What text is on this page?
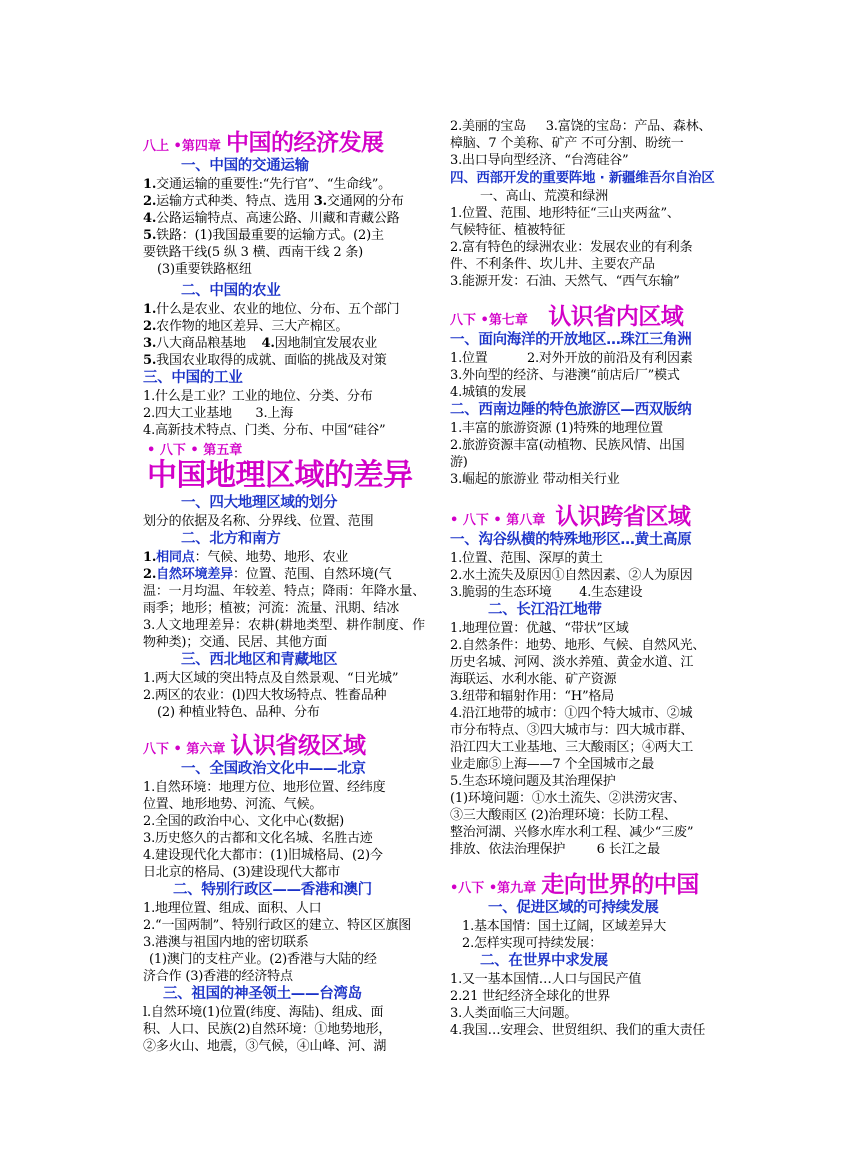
八上 •第四章 中国的经济发展
一、中国的交通运输
1.交通运输的重要性:“先行官”、“生命线”。
2.运输方式种类、特点、选用 3.交通网的分布
4.公路运输特点、高速公路、川藏和青藏公路
5.铁路：(1)我国最重要的运输方式。(2)主
要铁路干线(5 纵 3 横、西南干线 2 条)
(3)重要铁路枢纽
二、中国的农业
1.什么是农业、农业的地位、分布、五个部门
2.农作物的地区差异、三大产棉区。
3.八大商品粮基地 4.因地制宜发展农业
5.我国农业取得的成就、面临的挑战及对策
三、中国的工业
1.什么是工业？工业的地位、分类、分布
2.四大工业基地 3.上海
4.高新技术特点、门类、分布、中国“硅谷”
• 八下 • 第五章
中国地理区域的差异
一、四大地理区域的划分
划分的依据及名称、分界线、位置、范围
二、北方和南方
1.相同点：气候、地势、地形、农业
2.自然环境差异：位置、范围、自然环境(气
温：一月均温、年较差、特点；降雨：年降水量、雨季；地形；植被；河流：流量、汛期、结冰
3.人文地理差异：农耕(耕地类型、耕作制度、作物种类)；交通、民居、其他方面
三、西北地区和青藏地区
1.两大区域的突出特点及自然景观、“日光城”
2.两区的农业：(l)四大牧场特点、牲畜品种
(2) 种植业特色、品种、分布
八下 • 第六章 认识省级区域
一、全国政治文化中——北京
1.自然环境：地理方位、地形位置、经纬度
位置、地形地势、河流、气候。
2.全国的政治中心、文化中心(数据)
3.历史悠久的古都和文化名城、名胜古迹
4.建设现代化大都市：(1)旧城格局、(2)今
日北京的格局、(3)建设现代大都市
二、特别行政区——香港和澳门
1.地理位置、组成、面积、人口
2.“一国两制”、特别行政区的建立、特区区旗图
3.港澳与祖国内地的密切联系
(1)澳门的支柱产业。(2)香港与大陆的经
济合作 (3)香港的经济特点
三、祖国的神圣领土——台湾岛
l.自然环境(1)位置(纬度、海陆)、组成、面
积、人口、民族(2)自然环境：①地势地形，
②多火山、地震，③气候，④山峰、河、湖
2.美丽的宝岛 3.富饶的宝岛：产品、森林、
樟脑、7 个美称、矿产 不可分割、盼统一
3.出口导向型经济、“台湾硅谷”
四、西部开发的重要阵地 · 新疆维吾尔自治区
一、高山、荒漠和绿洲
1.位置、范围、地形特征“三山夹两盆”、
气候特征、植被特征
2.富有特色的绿洲农业：发展农业的有利条
件、不利条件、坎儿井、主要农产品
3.能源开发：石油、天然气、“西气东输”
八下 •第七章 认识省内区域
一、面向海洋的开放地区…珠江三角洲
1.位置	2.对外开放的前沿及有利因素
3.外向型的经济、与港澳“前店后厂”模式
4.城镇的发展
二、西南边陲的特色旅游区—西双版纳
1.丰富的旅游资源 (1)特殊的地理位置
2.旅游资源丰富(动植物、民族风情、出国
游)
3.崛起的旅游业 带动相关行业
• 八下 • 第八章 认识跨省区域
一、沟谷纵横的特殊地形区…黄土高原
1.位置、范围、深厚的黄土
2.水土流失及原因①自然因素、②人为原因
3.脆弱的生态环境 4.生态建设
二、长江沿江地带
1.地理位置：优越、“带状”区域
2.自然条件：地势、地形、气候、自然风光、
历史名城、河网、淡水养殖、黄金水道、江
海联运、水利水能、矿产资源
3.纽带和辐射作用：“H”格局
4.沿江地带的城市：①四个特大城市、②城
市分布特点、③四大城市与：四大城市群、
沿江四大工业基地、三大酸雨区；④两大工
业走廊⑤上海——7 个全国城市之最
5.生态环境问题及其治理保护
(1)环境问题：①水土流失、②洪涝灾害、
③三大酸雨区 (2)治理环境：长防工程、
整治河湖、兴修水库水利工程、减少“三废”
排放、依法治理保护 6 长江之最
•八下 •第九章 走向世界的中国
一、促进区域的可持续发展
1.基本国情：国土辽阔，区域差异大
2.怎样实现可持续发展：
二、在世界中求发展
1.又一基本国情…人口与国民产值
2.21 世纪经济全球化的世界
3.人类面临三大问题。
4.我国…安理会、世贸组织、我们的重大责任
